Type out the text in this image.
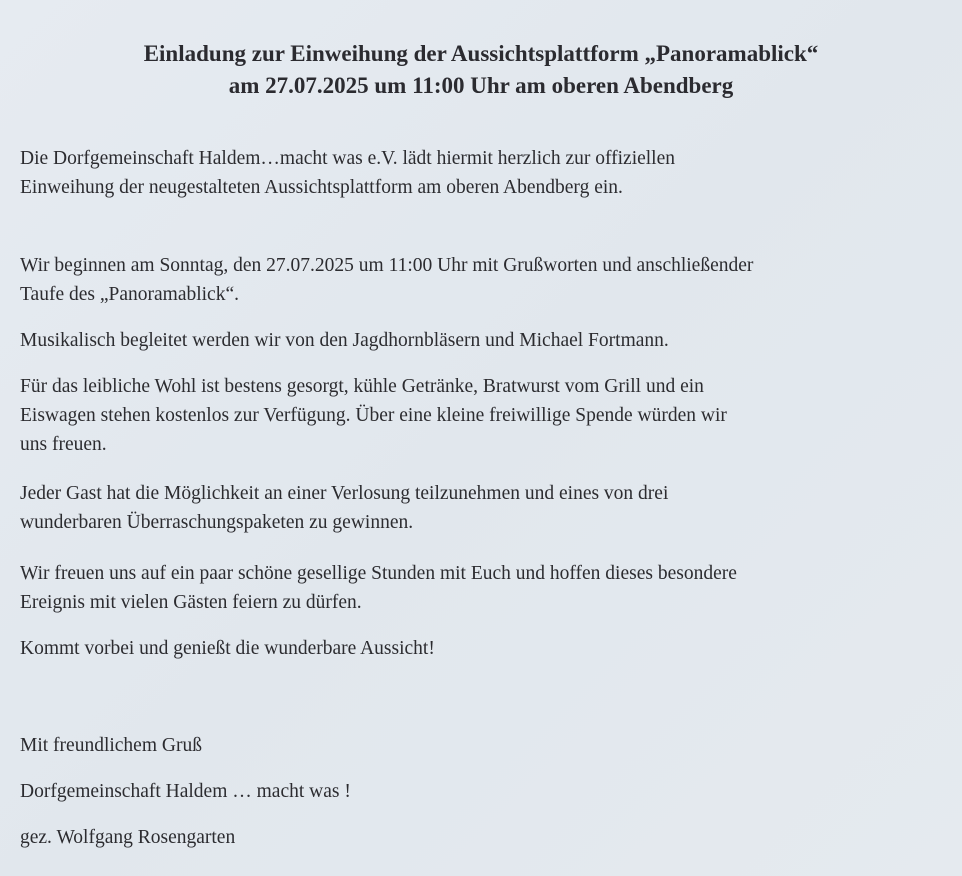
Einladung zur Einweihung der Aussichtsplattform „Panoramablick“
am 27.07.2025 um 11:00 Uhr am oberen Abendberg

Die Dorfgemeinschaft Haldem…macht was e.V. lädt hiermit herzlich zur offiziellen
Einweihung der neugestalteten Aussichtsplattform am oberen Abendberg ein.

Wir beginnen am Sonntag, den 27.07.2025 um 11:00 Uhr mit Grußworten und anschließender
Taufe des „Panoramablick“.

Musikalisch begleitet werden wir von den Jagdhornbläsern und Michael Fortmann.

Für das leibliche Wohl ist bestens gesorgt, kühle Getränke, Bratwurst vom Grill und ein
Eiswagen stehen kostenlos zur Verfügung. Über eine kleine freiwillige Spende würden wir
uns freuen.

Jeder Gast hat die Möglichkeit an einer Verlosung teilzunehmen und eines von drei
wunderbaren Überraschungspaketen zu gewinnen.

Wir freuen uns auf ein paar schöne gesellige Stunden mit Euch und hoffen dieses besondere
Ereignis mit vielen Gästen feiern zu dürfen.

Kommt vorbei und genießt die wunderbare Aussicht!

Mit freundlichem Gruß

Dorfgemeinschaft Haldem … macht was !

gez. Wolfgang Rosengarten
